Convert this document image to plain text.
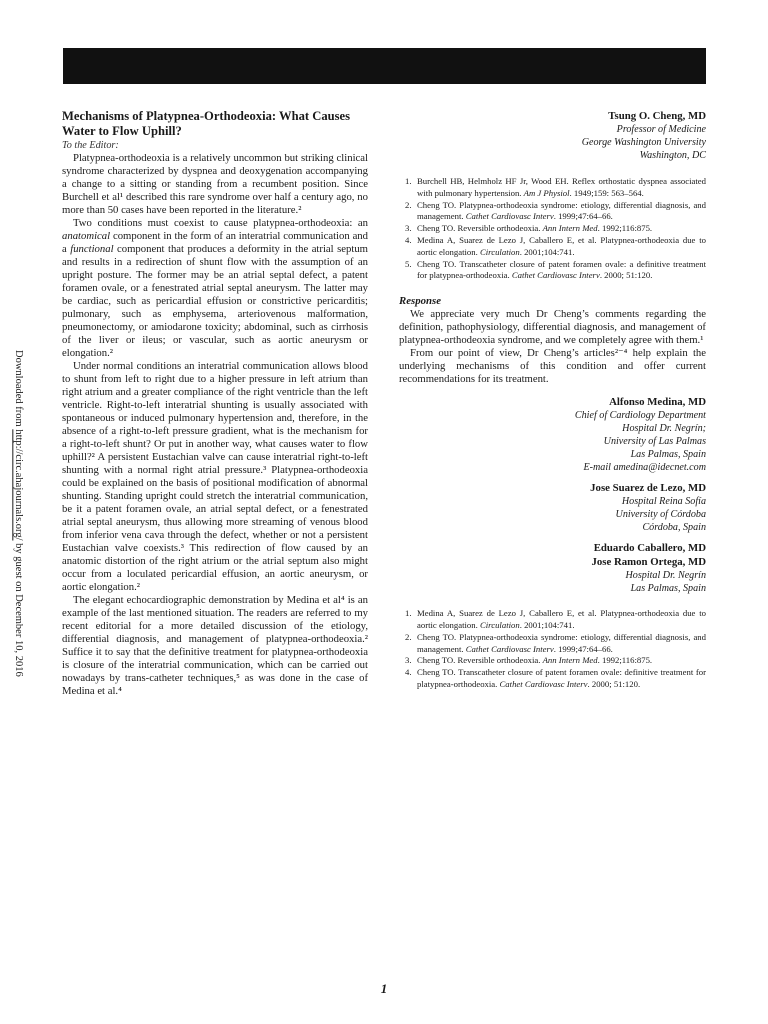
Downloaded from http://circ.ahajournals.org/ by guest on December 10, 2016
Mechanisms of Platypnea-Orthodeoxia: What Causes Water to Flow Uphill?
To the Editor:

Platypnea-orthodeoxia is a relatively uncommon but striking clinical syndrome characterized by dyspnea and deoxygenation accompanying a change to a sitting or standing from a recumbent position. Since Burchell et al¹ described this rare syndrome over half a century ago, no more than 50 cases have been reported in the literature.²

Two conditions must coexist to cause platypnea-orthodeoxia: an anatomical component in the form of an interatrial communication and a functional component that produces a deformity in the atrial septum and results in a redirection of shunt flow with the assumption of an upright posture. The former may be an atrial septal defect, a patent foramen ovale, or a fenestrated atrial septal aneurysm. The latter may be cardiac, such as pericardial effusion or constrictive pericarditis; pulmonary, such as emphysema, arteriovenous malformation, pneumonectomy, or amiodarone toxicity; abdominal, such as cirrhosis of the liver or ileus; or vascular, such as aortic aneurysm or elongation.²

Under normal conditions an interatrial communication allows blood to shunt from left to right due to a higher pressure in left atrium than right atrium and a greater compliance of the right ventricle than the left ventricle. Right-to-left interatrial shunting is usually associated with spontaneous or induced pulmonary hypertension and, therefore, in the absence of a right-to-left pressure gradient, what is the mechanism for a right-to-left shunt? Or put in another way, what causes water to flow uphill?² A persistent Eustachian valve can cause interatrial right-to-left shunting with a normal right atrial pressure.³ Platypnea-orthodeoxia could be explained on the basis of positional modification of abnormal shunting. Standing upright could stretch the interatrial communication, be it a patent foramen ovale, an atrial septal defect, or a fenestrated atrial septal aneurysm, thus allowing more streaming of venous blood from inferior vena cava through the defect, whether or not a persistent Eustachian valve coexists.³ This redirection of flow caused by an anatomic distortion of the right atrium or the atrial septum also might occur from a loculated pericardial effusion, an aortic aneurysm, or aortic elongation.²

The elegant echocardiographic demonstration by Medina et al⁴ is an example of the last mentioned situation. The readers are referred to my recent editorial for a more detailed discussion of the etiology, differential diagnosis, and management of platypnea-orthodeoxia.² Suffice it to say that the definitive treatment for platypnea-orthodeoxia is closure of the interatrial communication, which can be carried out nowadays by trans-catheter techniques,⁵ as was done in the case of Medina et al.⁴

Tsung O. Cheng, MD
Professor of Medicine
George Washington University
Washington, DC
1. Burchell HB, Helmholz HF Jr, Wood EH. Reflex orthostatic dyspnea associated with pulmonary hypertension. Am J Physiol. 1949;159: 563–564.
2. Cheng TO. Platypnea-orthodeoxia syndrome: etiology, differential diagnosis, and management. Cathet Cardiovasc Interv. 1999;47:64–66.
3. Cheng TO. Reversible orthodeoxia. Ann Intern Med. 1992;116:875.
4. Medina A, Suarez de Lezo J, Caballero E, et al. Platypnea-orthodeoxia due to aortic elongation. Circulation. 2001;104:741.
5. Cheng TO. Transcatheter closure of patent foramen ovale: a definitive treatment for platypnea-orthodeoxia. Cathet Cardiovasc Interv. 2000; 51:120.
Response

We appreciate very much Dr Cheng’s comments regarding the definition, pathophysiology, differential diagnosis, and management of platypnea-orthodeoxia syndrome, and we completely agree with them.¹

From our point of view, Dr Cheng’s articles²⁻⁴ help explain the underlying mechanisms of this condition and offer current recommendations for its treatment.

Alfonso Medina, MD
Chief of Cardiology Department
Hospital Dr. Negrín;
University of Las Palmas
Las Palmas, Spain
E-mail amedina@idecnet.com
Jose Suarez de Lezo, MD
Hospital Reina Sofía
University of Córdoba
Córdoba, Spain
Eduardo Caballero, MD
Jose Ramon Ortega, MD
Hospital Dr. Negrín
Las Palmas, Spain
1. Medina A, Suarez de Lezo J, Caballero E, et al. Platypnea-orthodeoxia due to aortic elongation. Circulation. 2001;104:741.
2. Cheng TO. Platypnea-orthodeoxia syndrome: etiology, differential diagnosis, and management. Cathet Cardiovasc Interv. 1999;47:64–66.
3. Cheng TO. Reversible orthodeoxia. Ann Intern Med. 1992;116:875.
4. Cheng TO. Transcatheter closure of patent foramen ovale: definitive treatment for platypnea-orthodeoxia. Cathet Cardiovasc Interv. 2000; 51:120.
1
